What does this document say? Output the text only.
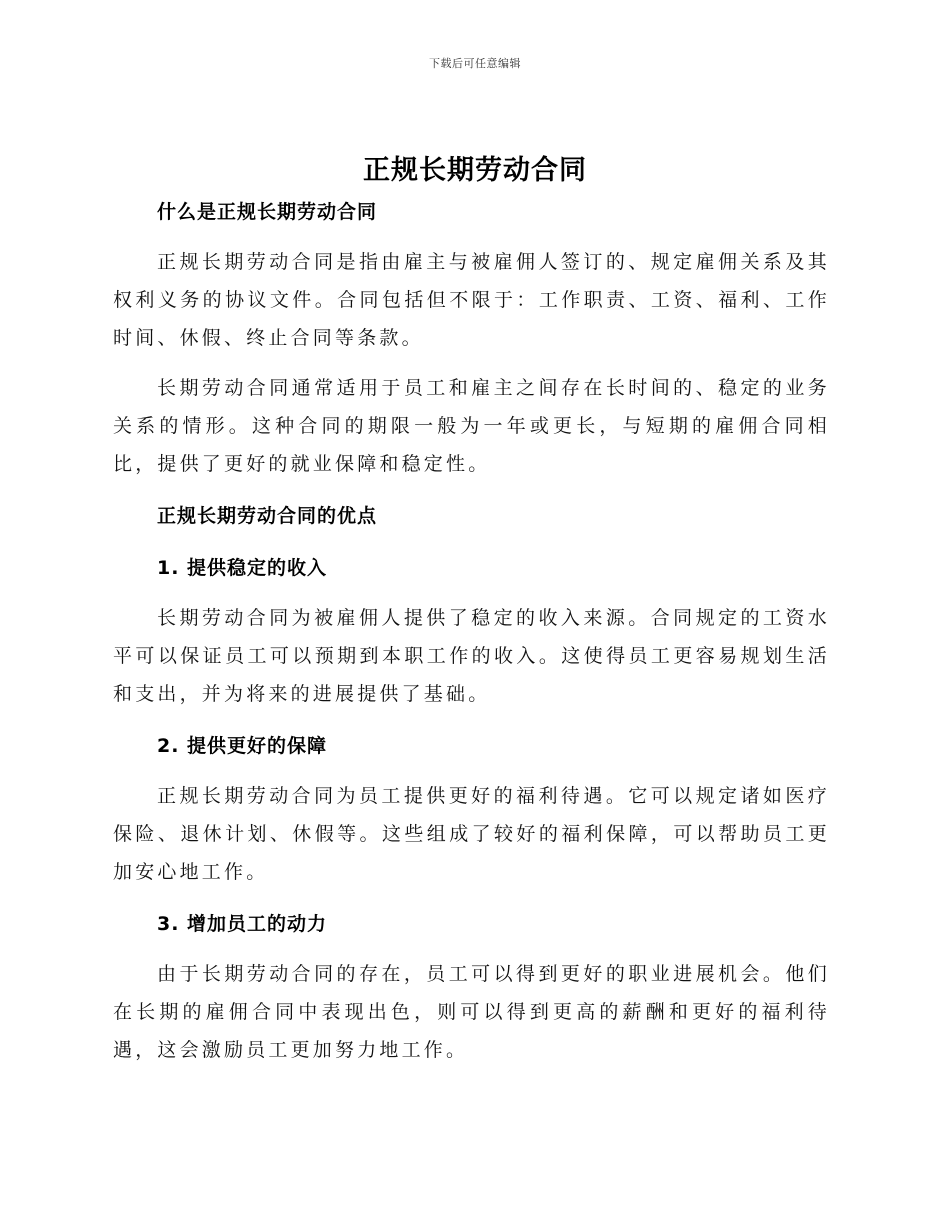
下载后可任意编辑
正规长期劳动合同

什么是正规长期劳动合同

正规长期劳动合同是指由雇主与被雇佣人签订的、规定雇佣关系及其权利义务的协议文件。合同包括但不限于：工作职责、工资、福利、工作时间、休假、终止合同等条款。

长期劳动合同通常适用于员工和雇主之间存在长时间的、稳定的业务关系的情形。这种合同的期限一般为一年或更长，与短期的雇佣合同相比，提供了更好的就业保障和稳定性。

正规长期劳动合同的优点

1. 提供稳定的收入

长期劳动合同为被雇佣人提供了稳定的收入来源。合同规定的工资水平可以保证员工可以预期到本职工作的收入。这使得员工更容易规划生活和支出，并为将来的进展提供了基础。

2. 提供更好的保障

正规长期劳动合同为员工提供更好的福利待遇。它可以规定诸如医疗保险、退休计划、休假等。这些组成了较好的福利保障，可以帮助员工更加安心地工作。

3. 增加员工的动力

由于长期劳动合同的存在，员工可以得到更好的职业进展机会。他们在长期的雇佣合同中表现出色，则可以得到更高的薪酬和更好的福利待遇，这会激励员工更加努力地工作。
